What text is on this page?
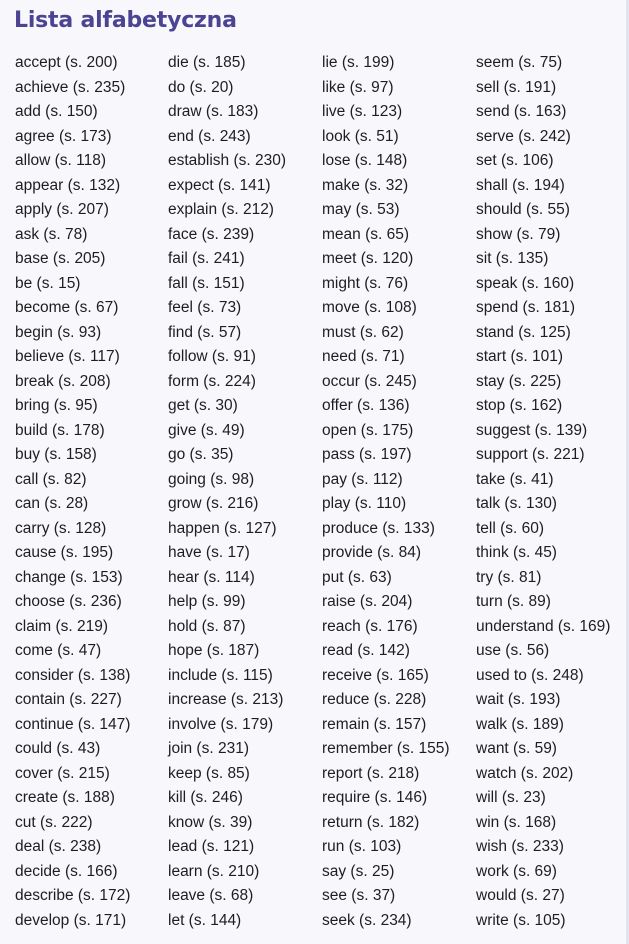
Lista alfabetyczna
accept (s. 200)
achieve (s. 235)
add (s. 150)
agree (s. 173)
allow (s. 118)
appear (s. 132)
apply (s. 207)
ask (s. 78)
base (s. 205)
be (s. 15)
become (s. 67)
begin (s. 93)
believe (s. 117)
break (s. 208)
bring (s. 95)
build (s. 178)
buy (s. 158)
call (s. 82)
can (s. 28)
carry (s. 128)
cause (s. 195)
change (s. 153)
choose (s. 236)
claim (s. 219)
come (s. 47)
consider (s. 138)
contain (s. 227)
continue (s. 147)
could (s. 43)
cover (s. 215)
create (s. 188)
cut (s. 222)
deal (s. 238)
decide (s. 166)
describe (s. 172)
develop (s. 171)
die (s. 185)
do (s. 20)
draw (s. 183)
end (s. 243)
establish (s. 230)
expect (s. 141)
explain (s. 212)
face (s. 239)
fail (s. 241)
fall (s. 151)
feel (s. 73)
find (s. 57)
follow (s. 91)
form (s. 224)
get (s. 30)
give (s. 49)
go (s. 35)
going (s. 98)
grow (s. 216)
happen (s. 127)
have (s. 17)
hear (s. 114)
help (s. 99)
hold (s. 87)
hope (s. 187)
include (s. 115)
increase (s. 213)
involve (s. 179)
join (s. 231)
keep (s. 85)
kill (s. 246)
know (s. 39)
lead (s. 121)
learn (s. 210)
leave (s. 68)
let (s. 144)
lie (s. 199)
like (s. 97)
live (s. 123)
look (s. 51)
lose (s. 148)
make (s. 32)
may (s. 53)
mean (s. 65)
meet (s. 120)
might (s. 76)
move (s. 108)
must (s. 62)
need (s. 71)
occur (s. 245)
offer (s. 136)
open (s. 175)
pass (s. 197)
pay (s. 112)
play (s. 110)
produce (s. 133)
provide (s. 84)
put (s. 63)
raise (s. 204)
reach (s. 176)
read (s. 142)
receive (s. 165)
reduce (s. 228)
remain (s. 157)
remember (s. 155)
report (s. 218)
require (s. 146)
return (s. 182)
run (s. 103)
say (s. 25)
see (s. 37)
seek (s. 234)
seem (s. 75)
sell (s. 191)
send (s. 163)
serve (s. 242)
set (s. 106)
shall (s. 194)
should (s. 55)
show (s. 79)
sit (s. 135)
speak (s. 160)
spend (s. 181)
stand (s. 125)
start (s. 101)
stay (s. 225)
stop (s. 162)
suggest (s. 139)
support (s. 221)
take (s. 41)
talk (s. 130)
tell (s. 60)
think (s. 45)
try (s. 81)
turn (s. 89)
understand (s. 169)
use (s. 56)
used to (s. 248)
wait (s. 193)
walk (s. 189)
want (s. 59)
watch (s. 202)
will (s. 23)
win (s. 168)
wish (s. 233)
work (s. 69)
would (s. 27)
write (s. 105)
